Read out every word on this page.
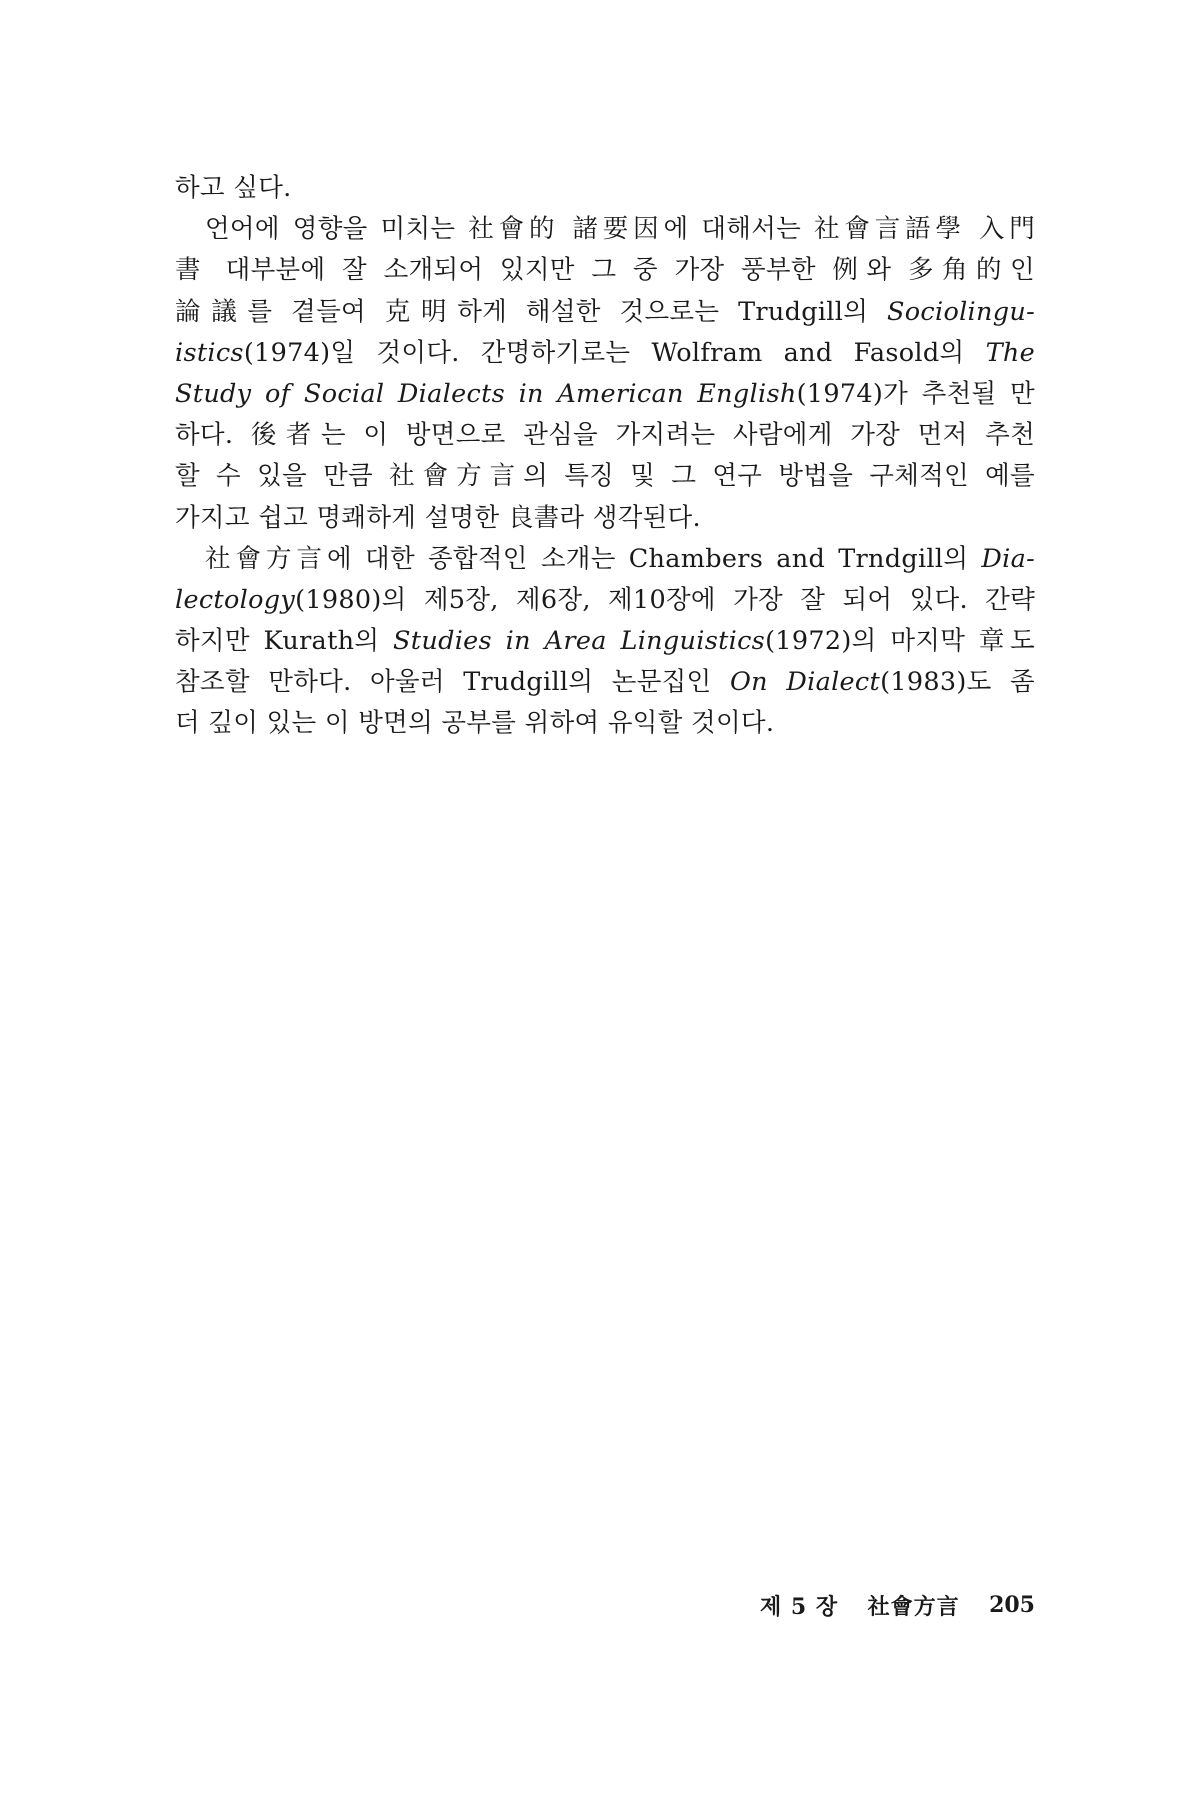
하고 싶다.
언어에 영향을 미치는 社會的 諸要因에 대해서는 社會言語學 入門
書 대부분에 잘 소개되어 있지만 그 중 가장 풍부한 例와 多角的인
論議를 곁들여 克明하게 해설한 것으로는 Trudgill의 Sociolingu-
istics(1974)일 것이다. 간명하기로는 Wolfram and Fasold의 The
Study of Social Dialects in American English(1974)가 추천될 만
하다. 後者는 이 방면으로 관심을 가지려는 사람에게 가장 먼저 추천
할 수 있을 만큼 社會方言의 특징 및 그 연구 방법을 구체적인 예를
가지고 쉽고 명쾌하게 설명한 良書라 생각된다.
社會方言에 대한 종합적인 소개는 Chambers and Trndgill의 Dia-
lectology(1980)의 제5장, 제6장, 제10장에 가장 잘 되어 있다. 간략
하지만 Kurath의 Studies in Area Linguistics(1972)의 마지막 章도
참조할 만하다. 아울러 Trudgill의 논문집인 On Dialect(1983)도 좀
더 깊이 있는 이 방면의 공부를 위하여 유익할 것이다.
제 5 장 社會方言 205
